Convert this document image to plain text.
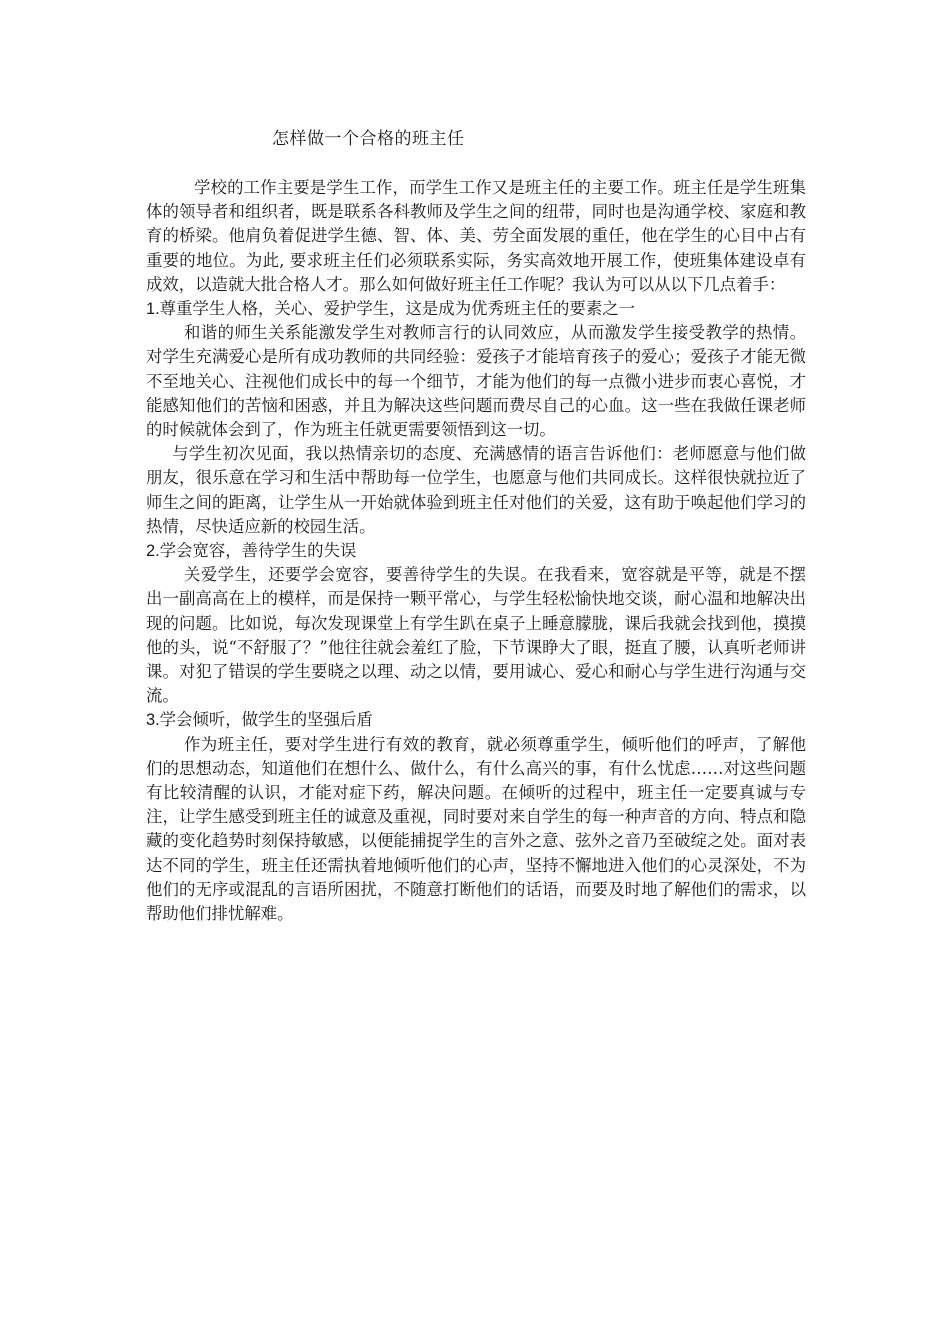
怎样做一个合格的班主任

学校的工作主要是学生工作，而学生工作又是班主任的主要工作。班主任是学生班集体的领导者和组织者，既是联系各科教师及学生之间的纽带，同时也是沟通学校、家庭和教育的桥梁。他肩负着促进学生德、智、体、美、劳全面发展的重任，他在学生的心目中占有重要的地位。为此, 要求班主任们必须联系实际，务实高效地开展工作，使班集体建设卓有成效，以造就大批合格人才。那么如何做好班主任工作呢？我认为可以从以下几点着手：

1.尊重学生人格，关心、爱护学生，这是成为优秀班主任的要素之一

和谐的师生关系能激发学生对教师言行的认同效应，从而激发学生接受教学的热情。对学生充满爱心是所有成功教师的共同经验：爱孩子才能培育孩子的爱心；爱孩子才能无微不至地关心、注视他们成长中的每一个细节，才能为他们的每一点微小进步而衷心喜悦，才能感知他们的苦恼和困惑，并且为解决这些问题而费尽自己的心血。这一些在我做任课老师的时候就体会到了，作为班主任就更需要领悟到这一切。

与学生初次见面，我以热情亲切的态度、充满感情的语言告诉他们：老师愿意与他们做朋友，很乐意在学习和生活中帮助每一位学生，也愿意与他们共同成长。这样很快就拉近了师生之间的距离，让学生从一开始就体验到班主任对他们的关爱，这有助于唤起他们学习的热情，尽快适应新的校园生活。

2.学会宽容，善待学生的失误

关爱学生，还要学会宽容，要善待学生的失误。在我看来，宽容就是平等，就是不摆出一副高高在上的模样，而是保持一颗平常心，与学生轻松愉快地交谈，耐心温和地解决出现的问题。比如说，每次发现课堂上有学生趴在桌子上睡意朦胧，课后我就会找到他，摸摸他的头，说“不舒服了？”他往往就会羞红了脸，下节课睁大了眼，挺直了腰，认真听老师讲课。对犯了错误的学生要晓之以理、动之以情，要用诚心、爱心和耐心与学生进行沟通与交流。

3.学会倾听，做学生的坚强后盾

作为班主任，要对学生进行有效的教育，就必须尊重学生，倾听他们的呼声，了解他们的思想动态，知道他们在想什么、做什么，有什么高兴的事，有什么忧虑……对这些问题有比较清醒的认识，才能对症下药，解决问题。在倾听的过程中，班主任一定要真诚与专注，让学生感受到班主任的诚意及重视，同时要对来自学生的每一种声音的方向、特点和隐藏的变化趋势时刻保持敏感，以便能捕捉学生的言外之意、弦外之音乃至破绽之处。面对表达不同的学生，班主任还需执着地倾听他们的心声，坚持不懈地进入他们的心灵深处，不为他们的无序或混乱的言语所困扰，不随意打断他们的话语，而要及时地了解他们的需求，以帮助他们排忧解难。
